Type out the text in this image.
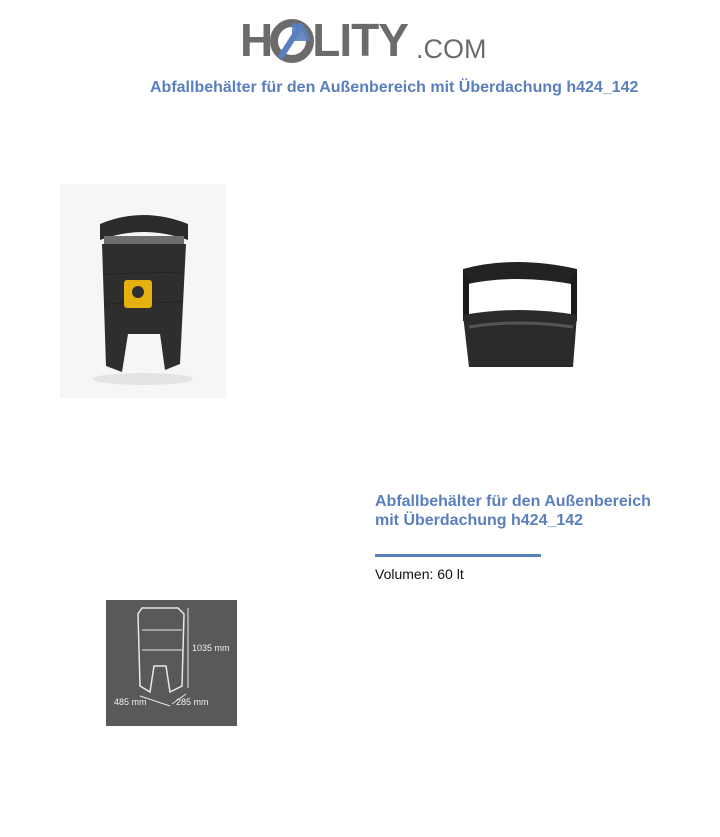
H LITY .COM
Abfallbehälter für den Außenbereich mit Überdachung h424_142
1035 mm
485 mm	285 mm
Abfallbehälter für den Außenbereich mit Überdachung h424_142
Volumen: 60 lt
